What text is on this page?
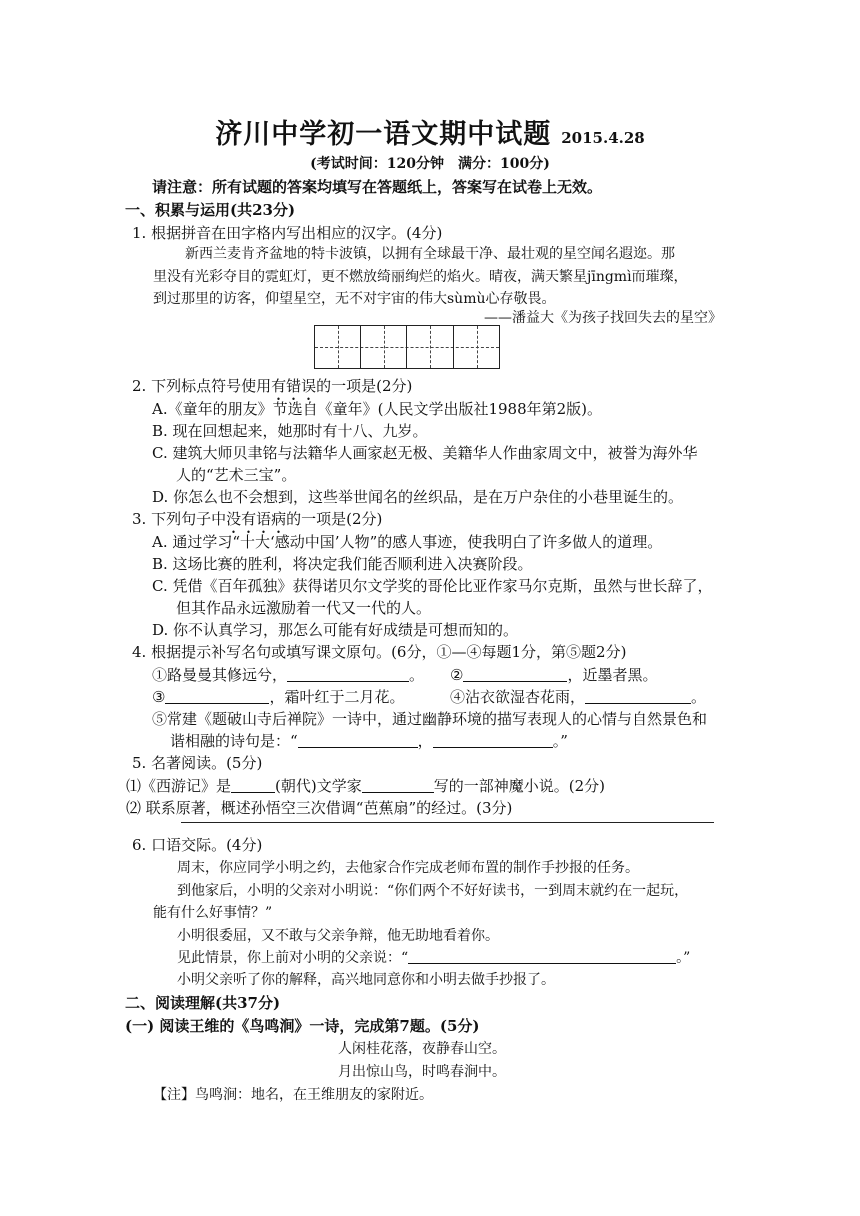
济川中学初一语文期中试题 2015.4.28
(考试时间：120分钟　满分：100分)
请注意：所有试题的答案均填写在答题纸上，答案写在试卷上无效。
一、积累与运用(共23分)
1. 根据拼音在田字格内写出相应的汉字。(4分)
新西兰麦肯齐盆地的特卡波镇，以拥有全球最干净、最壮观的星空闻名遐迩。那
里没有光彩夺目的霓虹灯，更不燃放绮丽绚烂的焰火。晴夜，满天繁星jīngmì而璀璨，
到过那里的访客，仰望星空，无不对宇宙的伟大sùmù心存敬畏。
——潘益大《为孩子找回失去的星空》
2. 下列标点符号使用有错误的一项是(2分)
A.《童年的朋友》节选自《童年》(人民文学出版社1988年第2版)。
B. 现在回想起来，她那时有十八、九岁。
C. 建筑大师贝聿铭与法籍华人画家赵无极、美籍华人作曲家周文中，被誉为海外华
人的“艺术三宝”。
D. 你怎么也不会想到，这些举世闻名的丝织品，是在万户杂住的小巷里诞生的。
3. 下列句子中没有语病的一项是(2分)
A. 通过学习“十大‘感动中国’人物”的感人事迹，使我明白了许多做人的道理。
B. 这场比赛的胜利，将决定我们能否顺利进入决赛阶段。
C. 凭借《百年孤独》获得诺贝尔文学奖的哥伦比亚作家马尔克斯，虽然与世长辞了，
但其作品永远激励着一代又一代的人。
D. 你不认真学习，那怎么可能有好成绩是可想而知的。
4. 根据提示补写名句或填写课文原句。(6分，①—④每题1分，第⑤题2分)
①路曼曼其修远兮，	。 ②	，近墨者黑。
③	，霜叶红于二月花。	④沾衣欲湿杏花雨，	。
⑤常建《题破山寺后禅院》一诗中，通过幽静环境的描写表现人的心情与自然景色和
谐相融的诗句是：“	，	。”
5. 名著阅读。(5分)
⑴《西游记》是	(朝代)文学家	写的一部神魔小说。(2分)
⑵ 联系原著，概述孙悟空三次借调“芭蕉扇”的经过。(3分)
6. 口语交际。(4分)
周末，你应同学小明之约，去他家合作完成老师布置的制作手抄报的任务。
到他家后，小明的父亲对小明说：“你们两个不好好读书，一到周末就约在一起玩，
能有什么好事情？”
小明很委屈，又不敢与父亲争辩，他无助地看着你。
见此情景，你上前对小明的父亲说：“	。”
小明父亲听了你的解释，高兴地同意你和小明去做手抄报了。
二、阅读理解(共37分)
(一) 阅读王维的《鸟鸣涧》一诗，完成第7题。(5分)
人闲桂花落，夜静春山空。
月出惊山鸟，时鸣春涧中。
【注】鸟鸣涧：地名，在王维朋友的家附近。
